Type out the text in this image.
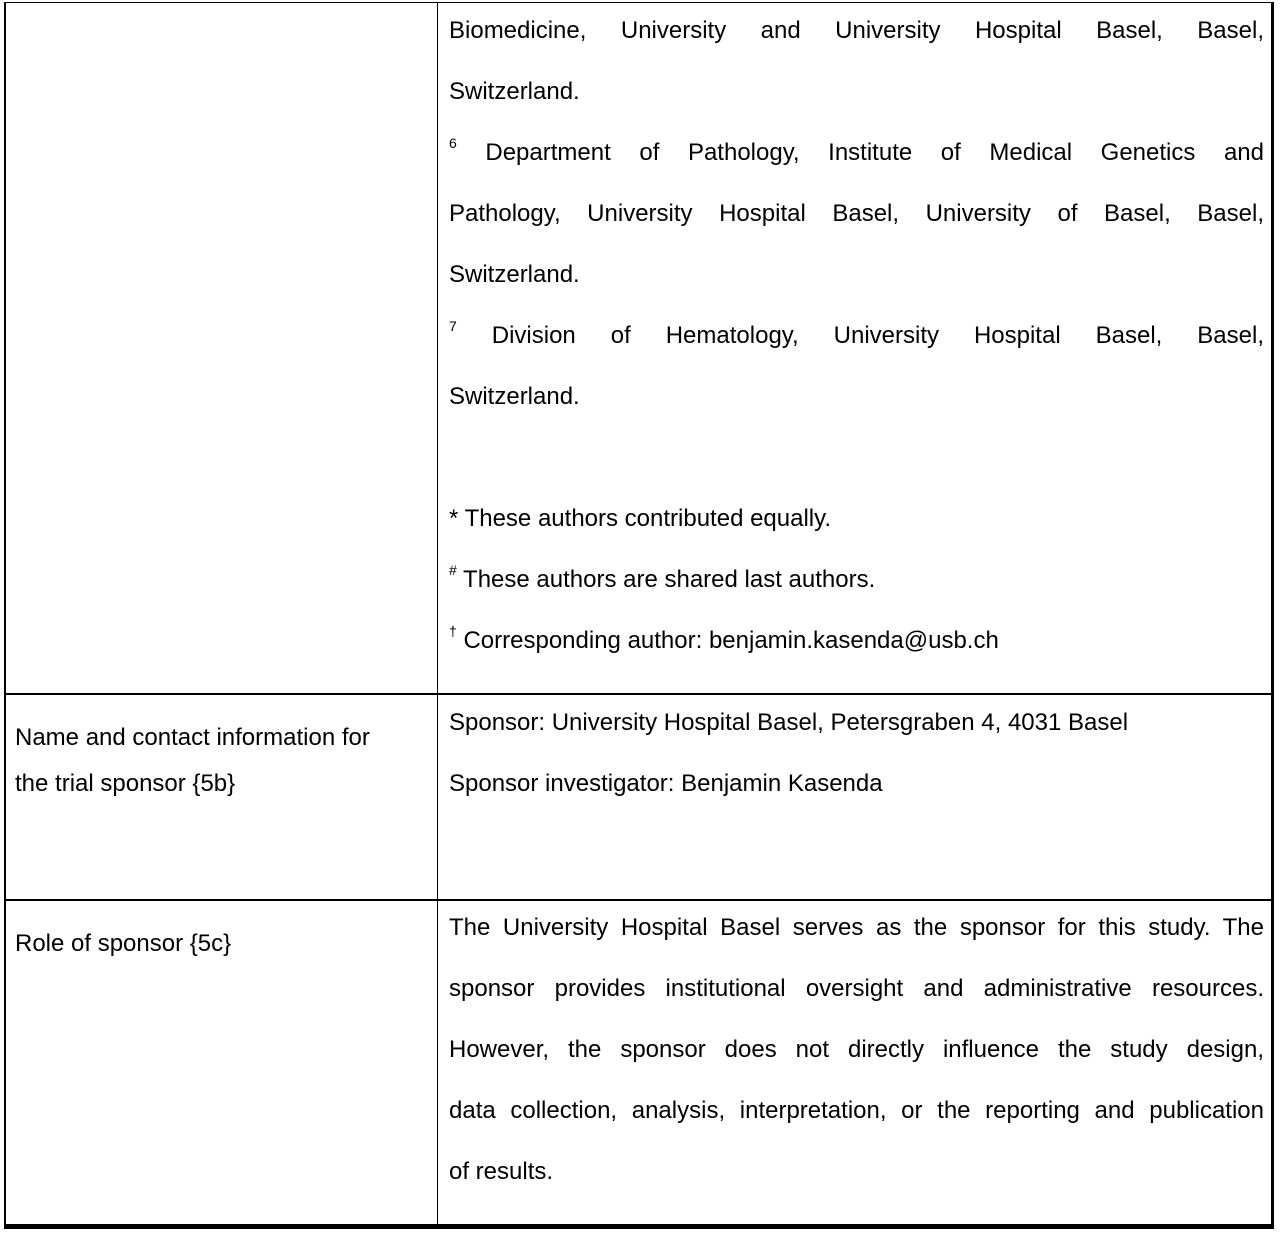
Biomedicine, University and University Hospital Basel, Basel,
Switzerland.
$^6$ Department of Pathology, Institute of Medical Genetics and
Pathology, University Hospital Basel, University of Basel, Basel,
Switzerland.
$^7$ Division of Hematology, University Hospital Basel, Basel,
Switzerland.
* These authors contributed equally.
# These authors are shared last authors.
† Corresponding author: benjamin.kasenda@usb.ch
Name and contact information for
the trial sponsor {5b}
Sponsor: University Hospital Basel, Petersgraben 4, 4031 Basel
Sponsor investigator: Benjamin Kasenda
Role of sponsor {5c}
The University Hospital Basel serves as the sponsor for this study. The
sponsor provides institutional oversight and administrative resources.
However, the sponsor does not directly influence the study design,
data collection, analysis, interpretation, or the reporting and publication
of results.
